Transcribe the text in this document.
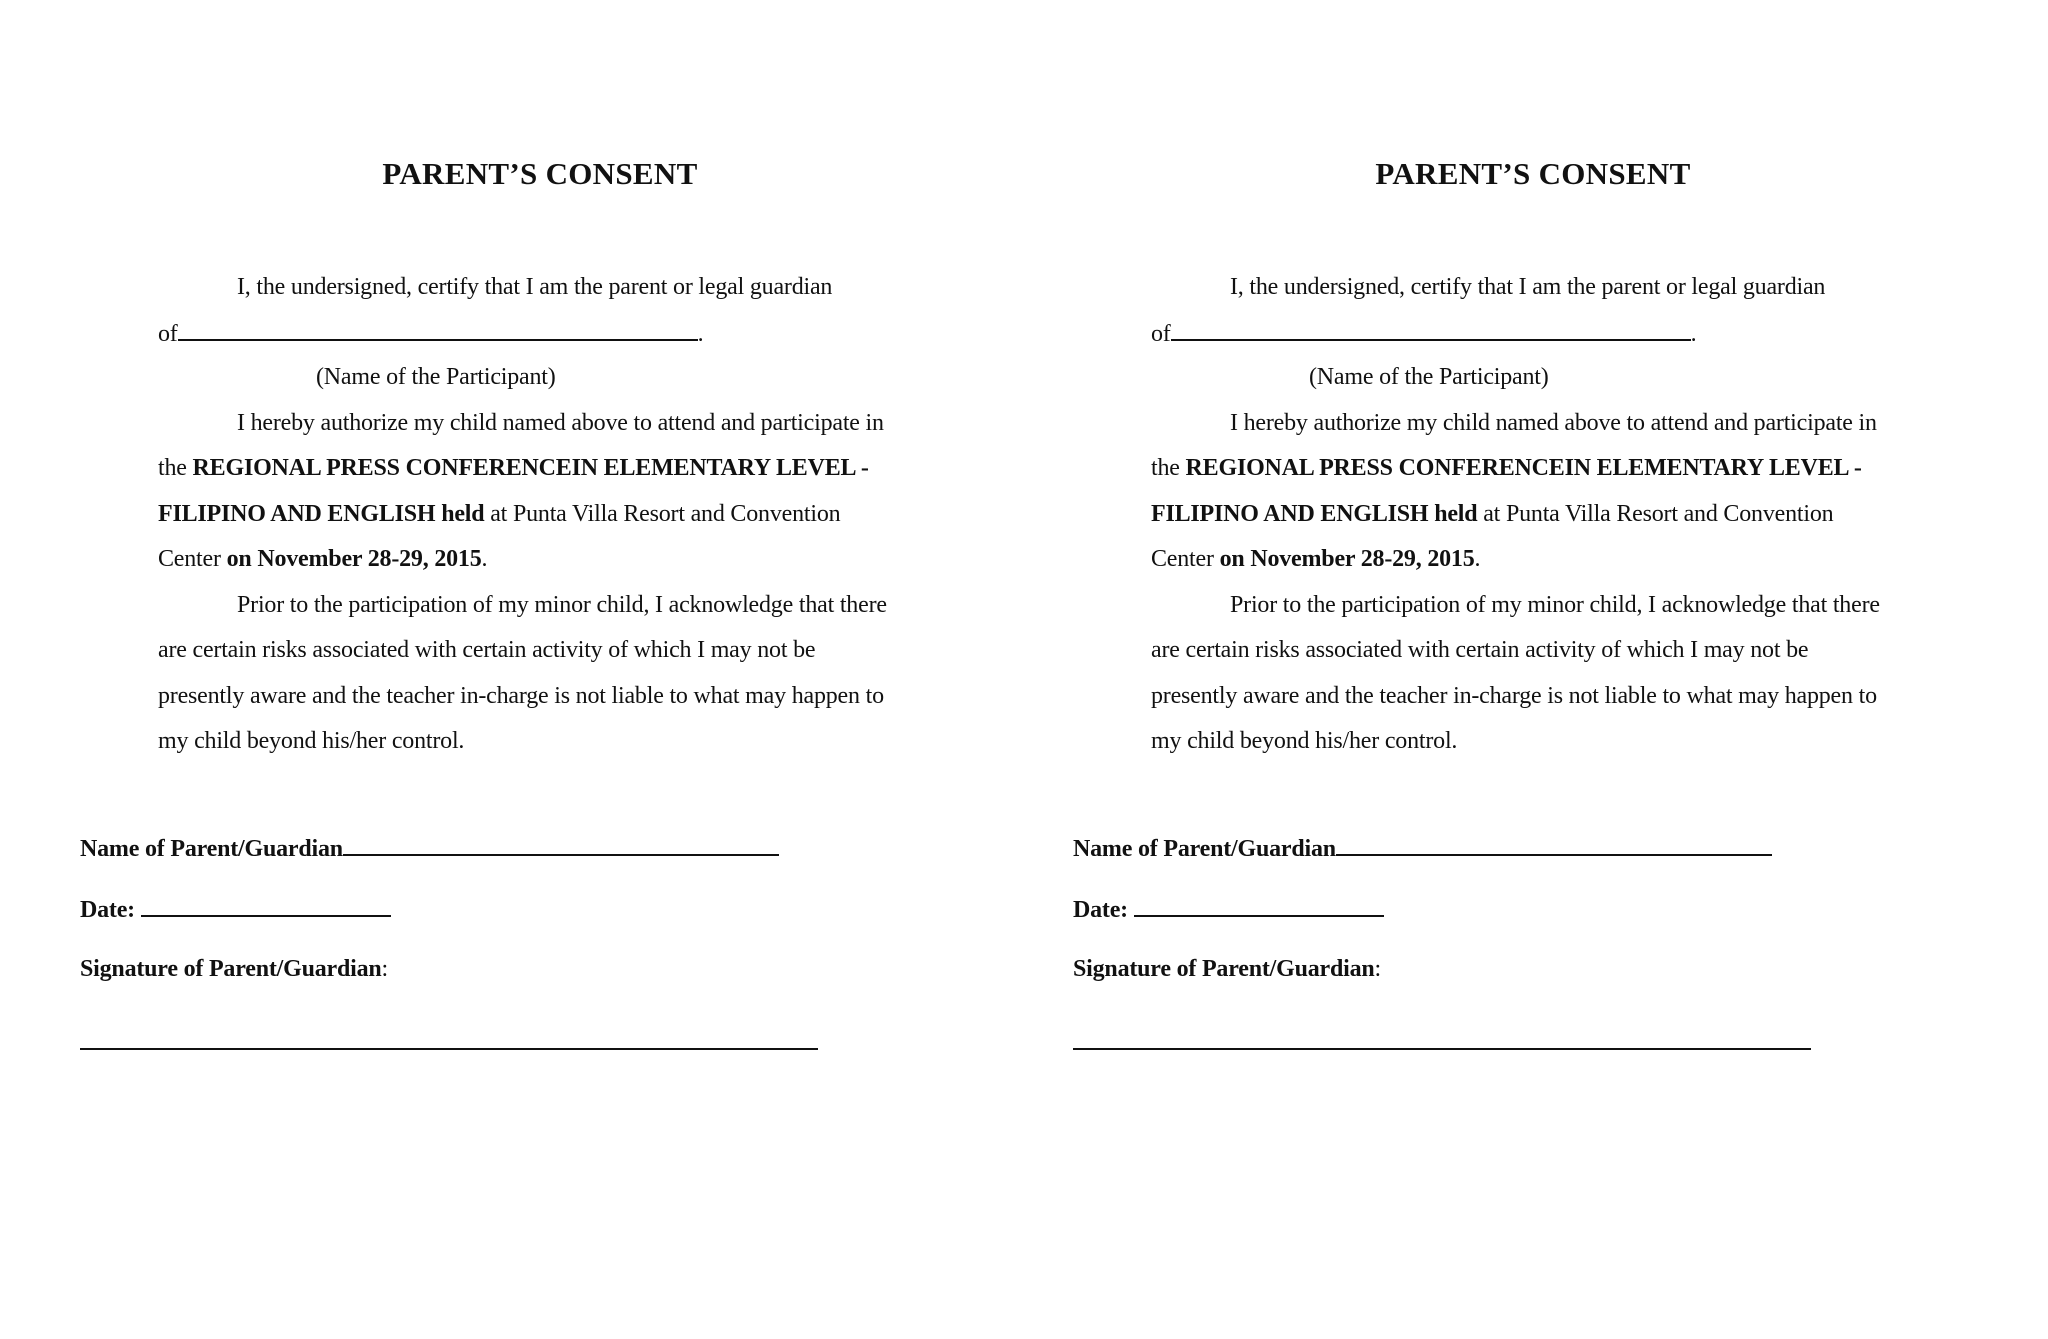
PARENT’S CONSENT
I, the undersigned, certify that I am the parent or legal guardian
of	.
(Name of the Participant)
I hereby authorize my child named above to attend and participate in
the REGIONAL PRESS CONFERENCEIN ELEMENTARY LEVEL -
FILIPINO AND ENGLISH held at Punta Villa Resort and Convention
Center on November 28-29, 2015.
Prior to the participation of my minor child, I acknowledge that there
are certain risks associated with certain activity of which I may not be
presently aware and the teacher in-charge is not liable to what may happen to
my child beyond his/her control.
Name of Parent/Guardian
Date:
Signature of Parent/Guardian:
PARENT’S CONSENT
I, the undersigned, certify that I am the parent or legal guardian
of	.
(Name of the Participant)
I hereby authorize my child named above to attend and participate in
the REGIONAL PRESS CONFERENCEIN ELEMENTARY LEVEL -
FILIPINO AND ENGLISH held at Punta Villa Resort and Convention
Center on November 28-29, 2015.
Prior to the participation of my minor child, I acknowledge that there
are certain risks associated with certain activity of which I may not be
presently aware and the teacher in-charge is not liable to what may happen to
my child beyond his/her control.
Name of Parent/Guardian
Date:
Signature of Parent/Guardian:
